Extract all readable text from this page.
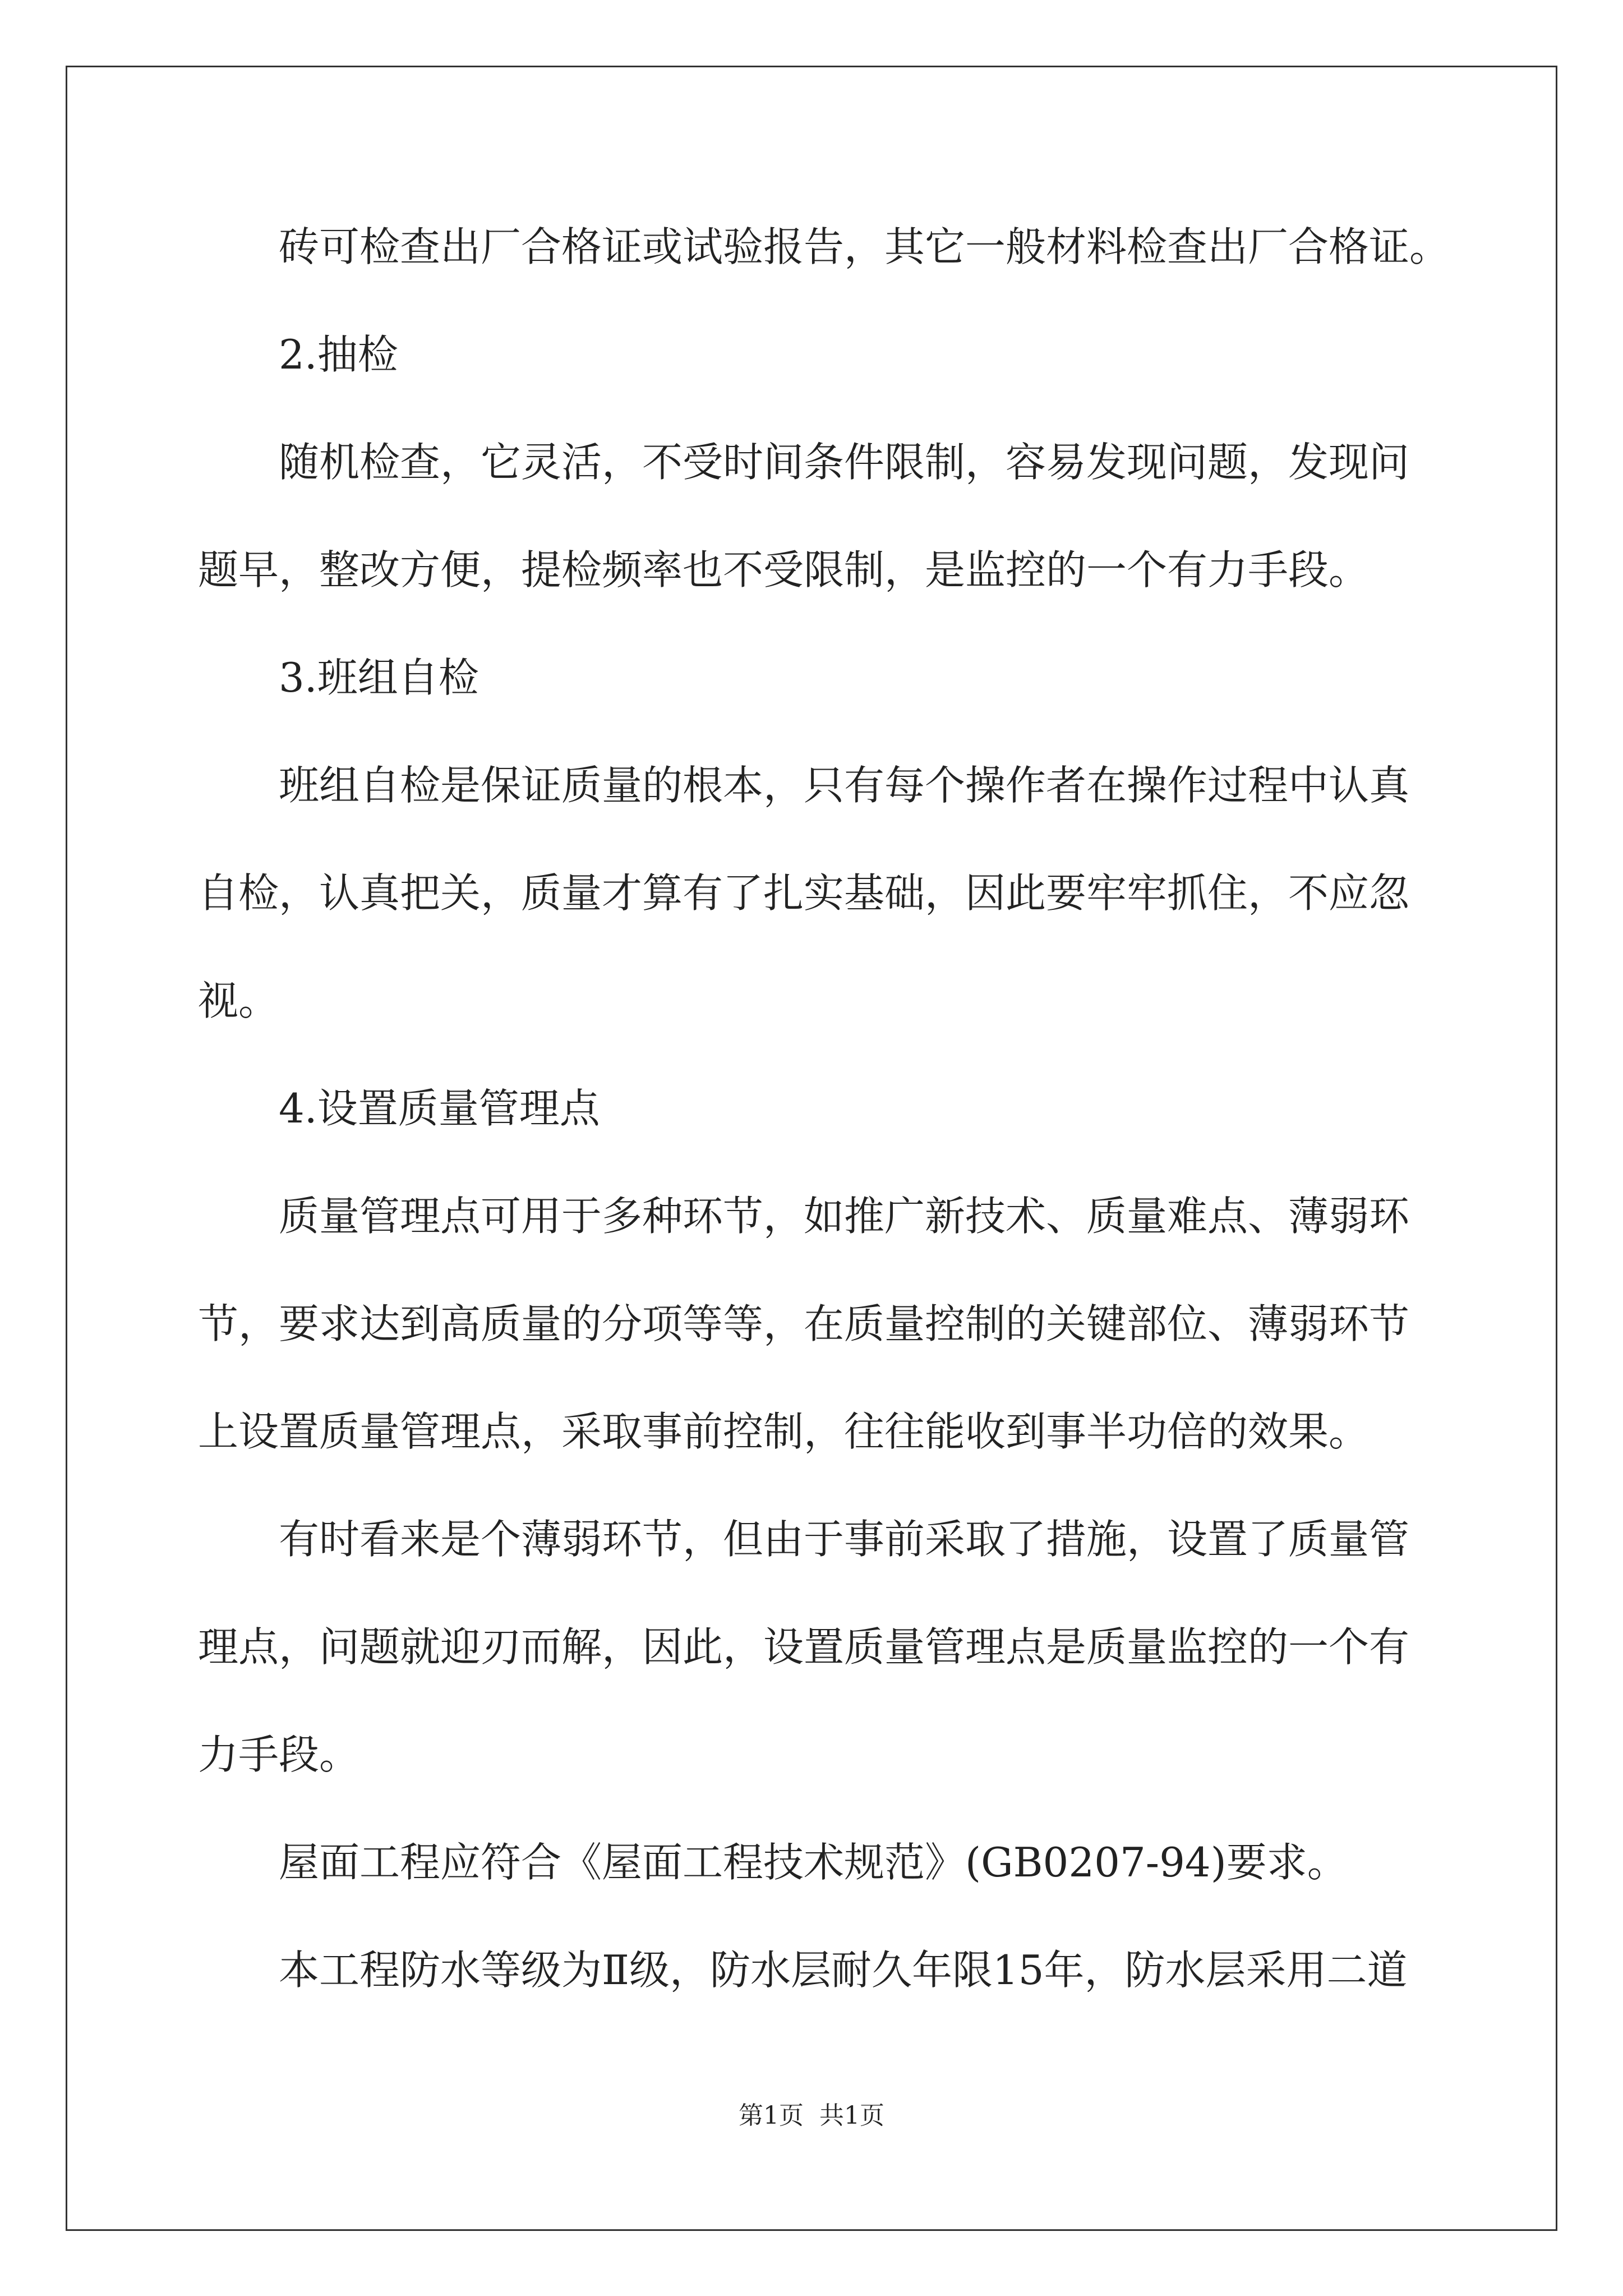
砖可检查出厂合格证或试验报告，其它一般材料检查出厂合格证。
2.抽检
随机检查，它灵活，不受时间条件限制，容易发现问题，发现问
题早，整改方便，提检频率也不受限制，是监控的一个有力手段。
3.班组自检
班组自检是保证质量的根本，只有每个操作者在操作过程中认真
自检，认真把关，质量才算有了扎实基础，因此要牢牢抓住，不应忽
视。
4.设置质量管理点
质量管理点可用于多种环节，如推广新技术、质量难点、薄弱环
节，要求达到高质量的分项等等，在质量控制的关键部位、薄弱环节
上设置质量管理点，采取事前控制，往往能收到事半功倍的效果。
有时看来是个薄弱环节，但由于事前采取了措施，设置了质量管
理点，问题就迎刃而解，因此，设置质量管理点是质量监控的一个有
力手段。
屋面工程应符合《屋面工程技术规范》(GB0207-94)要求。
本工程防水等级为Ⅱ级，防水层耐久年限15年，防水层采用二道
第1页 共1页
